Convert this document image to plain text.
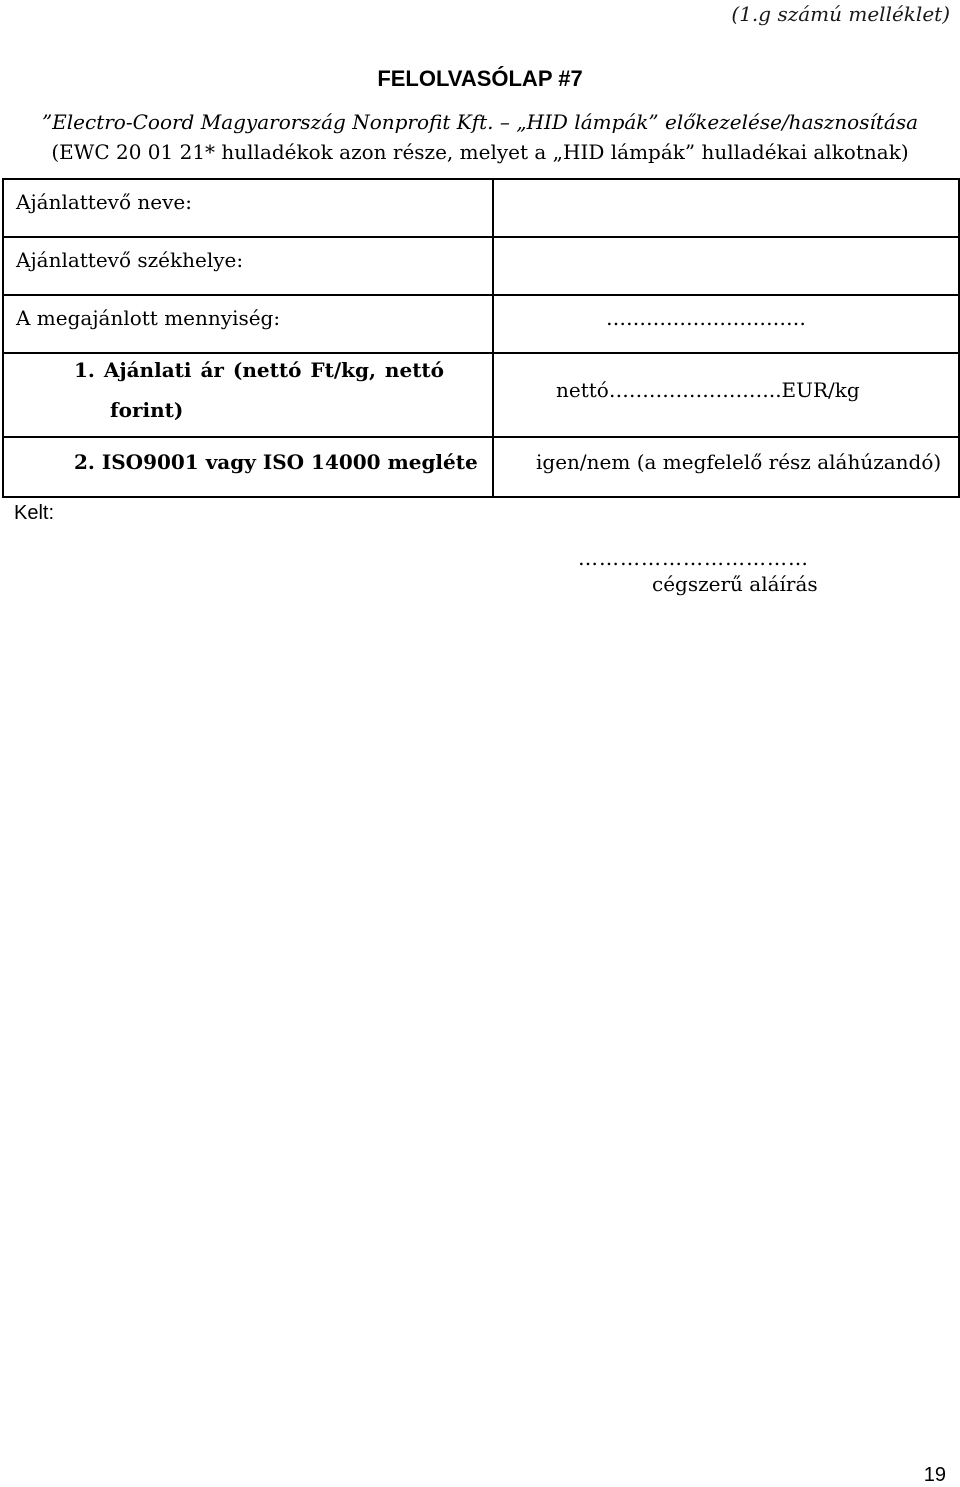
(1.g számú melléklet)
FELOLVASÓLAP #7
”Electro-Coord Magyarország Nonprofit Kft. – „HID lámpák” előkezelése/hasznosítása
(EWC 20 01 21* hulladékok azon része, melyet a „HID lámpák” hulladékai alkotnak)
Ajánlattevő neve:
Ajánlattevő székhelye:
A megajánlott mennyiség:	…………………………
1. Ajánlati ár (nettó Ft/kg, nettó
forint)
nettó……………………..EUR/kg
2. ISO9001 vagy ISO 14000 megléte	igen/nem (a megfelelő rész aláhúzandó)
Kelt:
……………………………
cégszerű aláírás
19
